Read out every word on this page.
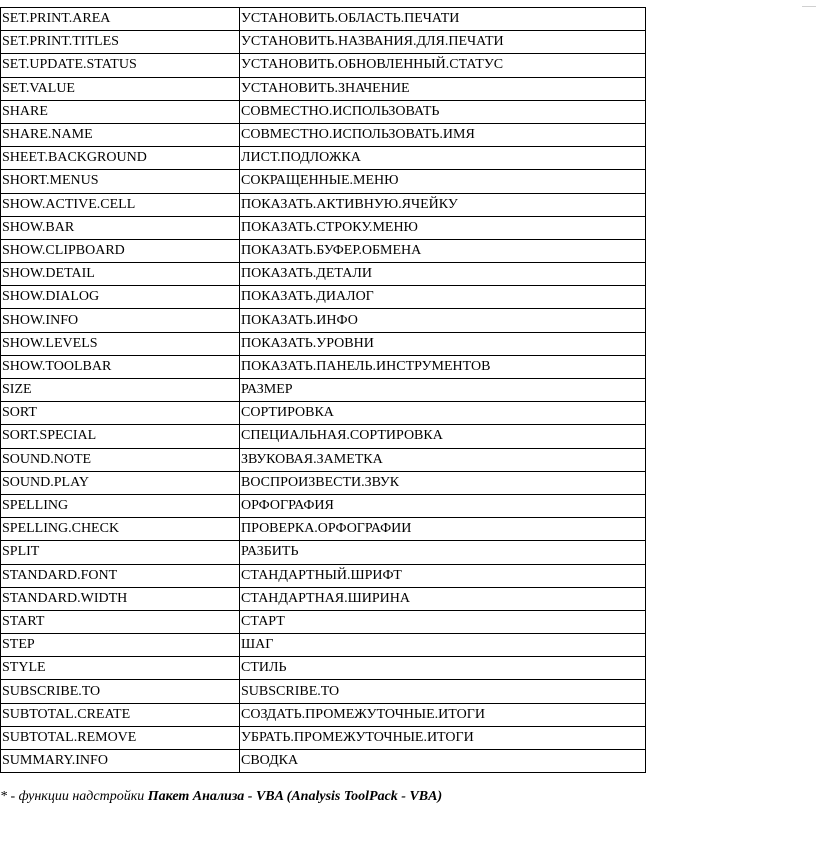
SET.PRINT.AREA	УСТАНОВИТЬ.ОБЛАСТЬ.ПЕЧАТИ
SET.PRINT.TITLES	УСТАНОВИТЬ.НАЗВАНИЯ.ДЛЯ.ПЕЧАТИ
SET.UPDATE.STATUS	УСТАНОВИТЬ.ОБНОВЛЕННЫЙ.СТАТУС
SET.VALUE	УСТАНОВИТЬ.ЗНАЧЕНИЕ
SHARE	СОВМЕСТНО.ИСПОЛЬЗОВАТЬ
SHARE.NAME	СОВМЕСТНО.ИСПОЛЬЗОВАТЬ.ИМЯ
SHEET.BACKGROUND	ЛИСТ.ПОДЛОЖКА
SHORT.MENUS	СОКРАЩЕННЫЕ.МЕНЮ
SHOW.ACTIVE.CELL	ПОКАЗАТЬ.АКТИВНУЮ.ЯЧЕЙКУ
SHOW.BAR	ПОКАЗАТЬ.СТРОКУ.МЕНЮ
SHOW.CLIPBOARD	ПОКАЗАТЬ.БУФЕР.ОБМЕНА
SHOW.DETAIL	ПОКАЗАТЬ.ДЕТАЛИ
SHOW.DIALOG	ПОКАЗАТЬ.ДИАЛОГ
SHOW.INFO	ПОКАЗАТЬ.ИНФО
SHOW.LEVELS	ПОКАЗАТЬ.УРОВНИ
SHOW.TOOLBAR	ПОКАЗАТЬ.ПАНЕЛЬ.ИНСТРУМЕНТОВ
SIZE	РАЗМЕР
SORT	СОРТИРОВКА
SORT.SPECIAL	СПЕЦИАЛЬНАЯ.СОРТИРОВКА
SOUND.NOTE	ЗВУКОВАЯ.ЗАМЕТКА
SOUND.PLAY	ВОСПРОИЗВЕСТИ.ЗВУК
SPELLING	ОРФОГРАФИЯ
SPELLING.CHECK	ПРОВЕРКА.ОРФОГРАФИИ
SPLIT	РАЗБИТЬ
STANDARD.FONT	СТАНДАРТНЫЙ.ШРИФТ
STANDARD.WIDTH	СТАНДАРТНАЯ.ШИРИНА
START	СТАРТ
STEP	ШАГ
STYLE	СТИЛЬ
SUBSCRIBE.TO	SUBSCRIBE.TO
SUBTOTAL.CREATE	СОЗДАТЬ.ПРОМЕЖУТОЧНЫЕ.ИТОГИ
SUBTOTAL.REMOVE	УБРАТЬ.ПРОМЕЖУТОЧНЫЕ.ИТОГИ
SUMMARY.INFO	СВОДКА
* - функции надстройки Пакет Анализа - VBA (Analysis ToolPack - VBA)
